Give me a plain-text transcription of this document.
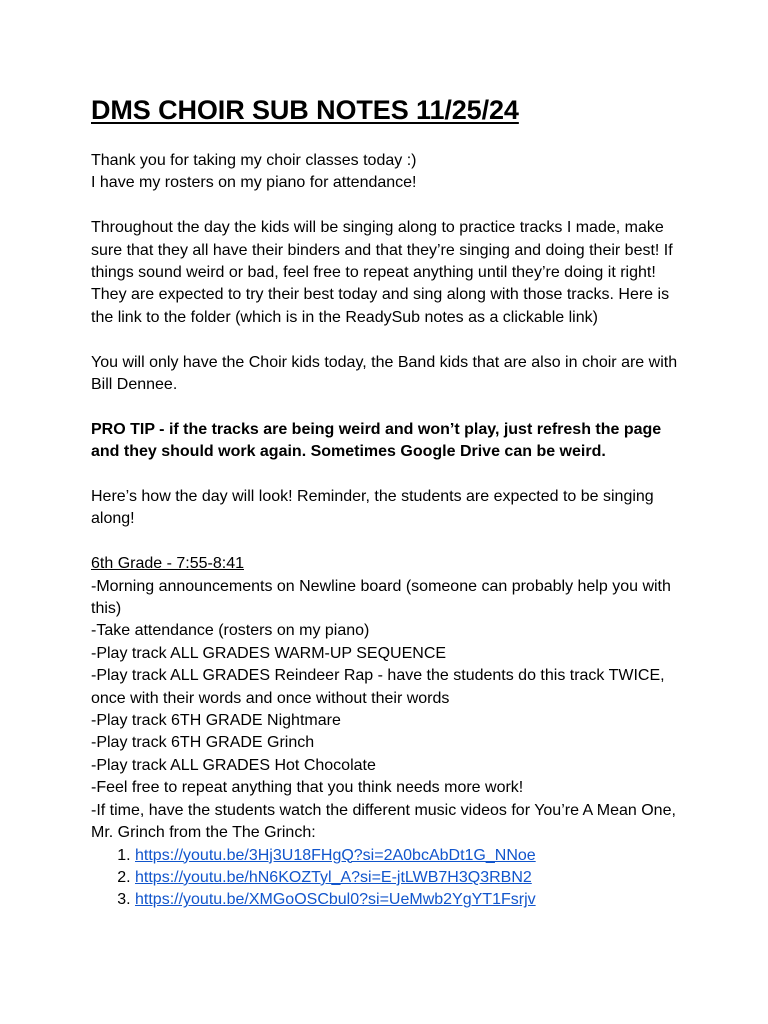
DMS CHOIR SUB NOTES 11/25/24

Thank you for taking my choir classes today :)

I have my rosters on my piano for attendance!

Throughout the day the kids will be singing along to practice tracks I made, make sure that they all have their binders and that they’re singing and doing their best! If things sound weird or bad, feel free to repeat anything until they’re doing it right! They are expected to try their best today and sing along with those tracks. Here is the link to the folder (which is in the ReadySub notes as a clickable link)

You will only have the Choir kids today, the Band kids that are also in choir are with Bill Dennee.

PRO TIP - if the tracks are being weird and won’t play, just refresh the page and they should work again. Sometimes Google Drive can be weird.

Here’s how the day will look! Reminder, the students are expected to be singing along!

6th Grade - 7:55-8:41

-Morning announcements on Newline board (someone can probably help you with this)

-Take attendance (rosters on my piano)

-Play track ALL GRADES WARM-UP SEQUENCE

-Play track ALL GRADES Reindeer Rap - have the students do this track TWICE, once with their words and once without their words

-Play track 6TH GRADE Nightmare

-Play track 6TH GRADE Grinch

-Play track ALL GRADES Hot Chocolate

-Feel free to repeat anything that you think needs more work!

-If time, have the students watch the different music videos for You’re A Mean One, Mr. Grinch from the The Grinch:

1. https://youtu.be/3Hj3U18FHgQ?si=2A0bcAbDt1G_NNoe
2. https://youtu.be/hN6KOZTyl_A?si=E-jtLWB7H3Q3RBN2
3. https://youtu.be/XMGoOSCbul0?si=UeMwb2YgYT1Fsrjv
